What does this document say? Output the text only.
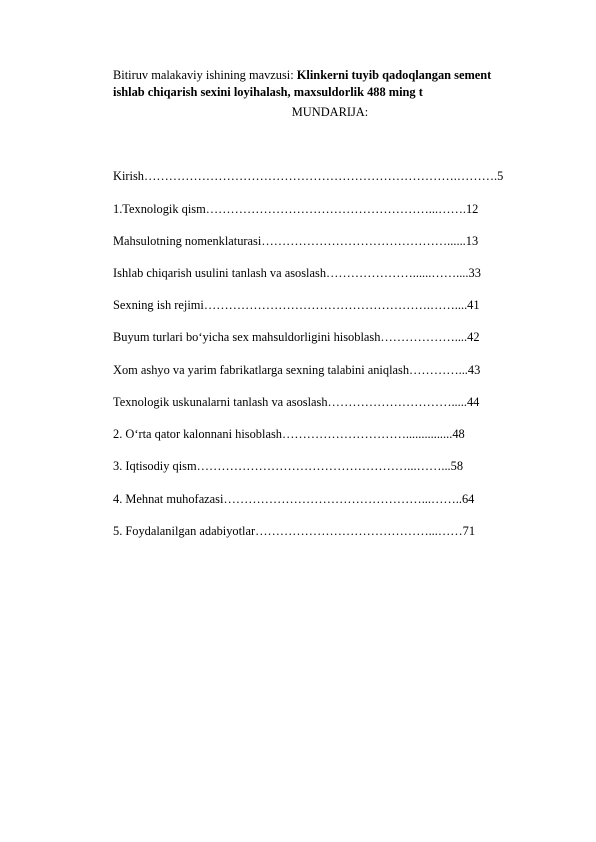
Bitiruv malakaviy ishining mavzusi: Klinkerni tuyib qadoqlangan sement
ishlab chiqarish sexini loyihalash, maxsuldorlik 488 ming t
MUNDARIJA:
Kirish………………………………………………………………….……….5
1.Texnologik qism………………………………………………...…….12
Mahsulotning nomenklaturasi………………………………………......13
Ishlab chiqarish usulini tanlash va asoslash…………………......……....33
Sexning ish rejimi……………………………………………….……....41
Buyum turlari bo‘yicha sex mahsuldorligini hisoblash………………....42
Xom ashyo va yarim fabrikatlarga sexning talabini aniqlash…………...43
Texnologik uskunalarni tanlash va asoslash………………………….....44
2. O‘rta qator kalonnani hisoblash…………………………...............48
3. Iqtisodiy qism……………………………………………...……...58
4. Mehnat muhofazasi…………………………………………...……..64
5. Foydalanilgan adabiyotlar……………………………………...……71
